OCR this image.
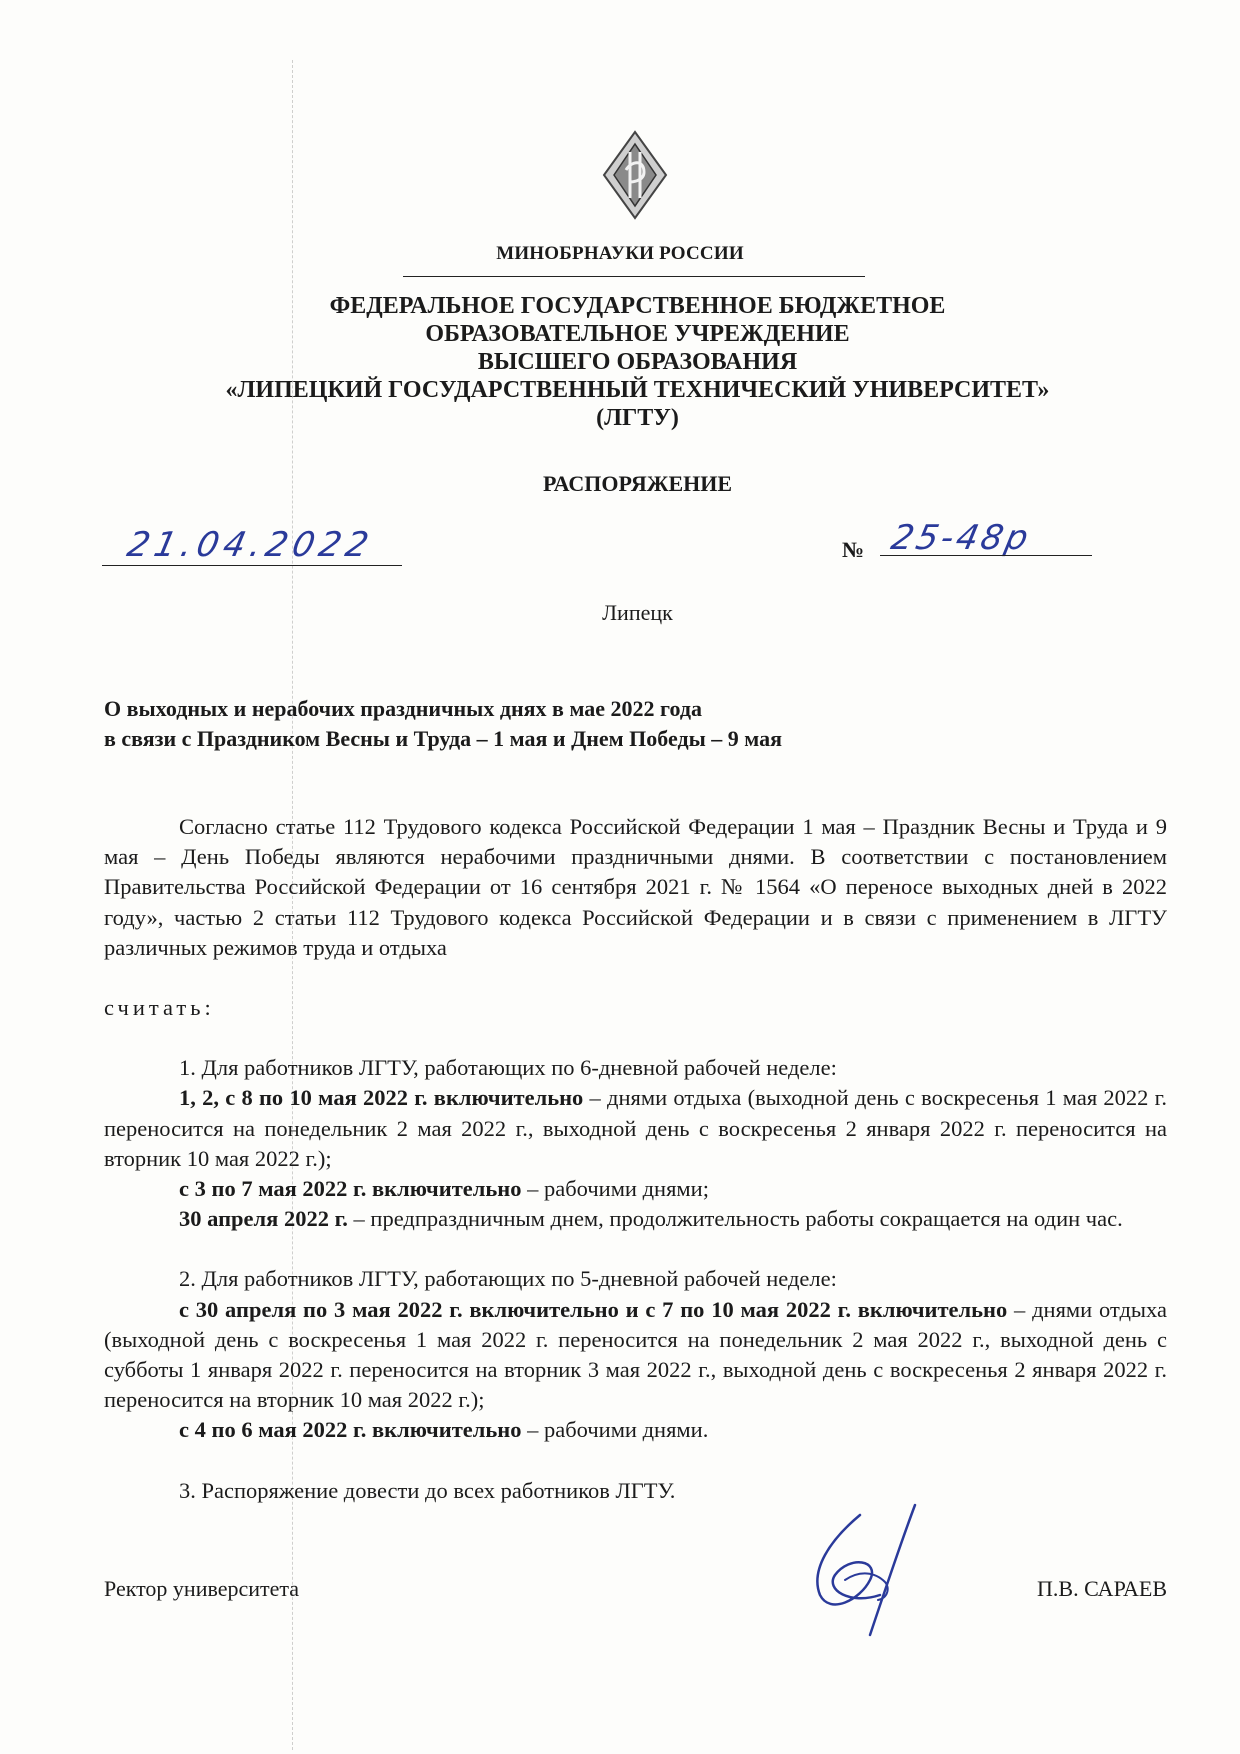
МИНОБРНАУКИ РОССИИ
ФЕДЕРАЛЬНОЕ ГОСУДАРСТВЕННОЕ БЮДЖЕТНОЕ
ОБРАЗОВАТЕЛЬНОЕ УЧРЕЖДЕНИЕ
ВЫСШЕГО ОБРАЗОВАНИЯ
«ЛИПЕЦКИЙ ГОСУДАРСТВЕННЫЙ ТЕХНИЧЕСКИЙ УНИВЕРСИТЕТ»
(ЛГТУ)
РАСПОРЯЖЕНИЕ
21.04.2022	№ 25-48р
Липецк
О выходных и нерабочих праздничных днях в мае 2022 года
в связи с Праздником Весны и Труда – 1 мая и Днем Победы – 9 мая

Согласно статье 112 Трудового кодекса Российской Федерации 1 мая – Праздник Весны и Труда и 9 мая – День Победы являются нерабочими праздничными днями. В соответствии с постановлением Правительства Российской Федерации от 16 сентября 2021 г. № 1564 «О переносе выходных дней в 2022 году», частью 2 статьи 112 Трудового кодекса Российской Федерации и в связи с применением в ЛГТУ различных режимов труда и отдыха

считать:

1. Для работников ЛГТУ, работающих по 6-дневной рабочей неделе:

1, 2, с 8 по 10 мая 2022 г. включительно – днями отдыха (выходной день с воскресенья 1 мая 2022 г. переносится на понедельник 2 мая 2022 г., выходной день с воскресенья 2 января 2022 г. переносится на вторник 10 мая 2022 г.);

с 3 по 7 мая 2022 г. включительно – рабочими днями;

30 апреля 2022 г. – предпраздничным днем, продолжительность работы сокращается на один час.

2. Для работников ЛГТУ, работающих по 5-дневной рабочей неделе:

с 30 апреля по 3 мая 2022 г. включительно и с 7 по 10 мая 2022 г. включительно – днями отдыха (выходной день с воскресенья 1 мая 2022 г. переносится на понедельник 2 мая 2022 г., выходной день с субботы 1 января 2022 г. переносится на вторник 3 мая 2022 г., выходной день с воскресенья 2 января 2022 г. переносится на вторник 10 мая 2022 г.);

с 4 по 6 мая 2022 г. включительно – рабочими днями.

3. Распоряжение довести до всех работников ЛГТУ.

Ректор университета	П.В. САРАЕВ
